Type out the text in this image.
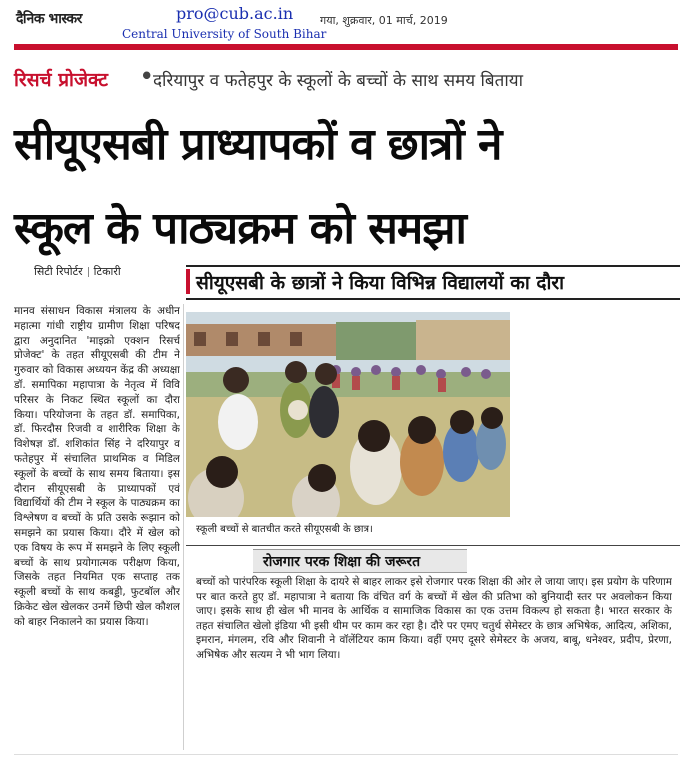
दैनिक भास्कर	pro@cub.ac.in
Central University of South Bihar
गया, शुक्रवार, 01 मार्च, 2019
रिसर्च प्रोजेक्ट • दरियापुर व फतेहपुर के स्कूलों के बच्चों के साथ समय बिताया
सीयूएसबी प्राध्यापकों व छात्रों ने
स्कूल के पाठ्यक्रम को समझा
सिटी रिपोर्टर टिकारी
सीयूएसबी के छात्रों ने किया विभिन्न विद्यालयों का दौरा
मानव संसाधन विकास मंत्रालय के अधीन महात्मा गांधी राष्ट्रीय ग्रामीण शिक्षा परिषद द्वारा अनुदानित 'माइक्रो एक्शन रिसर्च प्रोजेक्ट' के तहत सीयूएसबी की टीम ने गुरुवार को विकास अध्ययन केंद्र की अध्यक्षा डॉ. समापिका महापात्रा के नेतृत्व में विवि परिसर के निकट स्थित स्कूलों का दौरा किया। परियोजना के तहत डॉ. समापिका, डॉ. फिरदौस रिजवी व शारीरिक शिक्षा के विशेषज्ञ डॉ. शशिकांत सिंह ने दरियापुर व फतेहपुर में संचालित प्राथमिक व मिडिल स्कूलों के बच्चों के साथ समय बिताया। इस दौरान सीयूएसबी के प्राध्यापकों एवं विद्यार्थियों की टीम ने स्कूल के पाठ्यक्रम का विश्लेषण व बच्चों के प्रति उसके रूझान को समझने का प्रयास किया। दौरे में खेल को एक विषय के रूप में समझने के लिए स्कूली बच्चों के साथ प्रयोगात्मक परीक्षण किया, जिसके तहत नियमित एक सप्ताह तक स्कूली बच्चों के साथ कबड्डी, फुटबॉल और क्रिकेट खेल खेलकर उनमें छिपी खेल कौशल को बाहर निकालने का प्रयास किया।
स्कूली बच्चों से बातचीत करते सीयूएसबी के छात्र।
रोजगार परक शिक्षा की जरूरत
बच्चों को पारंपरिक स्कूली शिक्षा के दायरे से बाहर लाकर इसे रोजगार परक शिक्षा की ओर ले जाया जाए। इस प्रयोग के परिणाम पर बात करते हुए डॉ. महापात्रा ने बताया कि वंचित वर्ग के बच्चों में खेल की प्रतिभा को बुनियादी स्तर पर अवलोकन किया जाए। इसके साथ ही खेल भी मानव के आर्थिक व सामाजिक विकास का एक उत्तम विकल्प हो सकता है। भारत सरकार के तहत संचालित खेलो इंडिया भी इसी थीम पर काम कर रहा है। दौरे पर एमए चतुर्थ सेमेस्टर के छात्र अभिषेक, आदित्य, अशिका, इमरान, मंगलम, रवि और शिवानी ने वॉलेंटियर काम किया। वहीं एमए दूसरे सेमेस्टर के अजय, बाबू, धनेश्वर, प्रदीप, प्रेरणा, अभिषेक और सत्यम ने भी भाग लिया।
